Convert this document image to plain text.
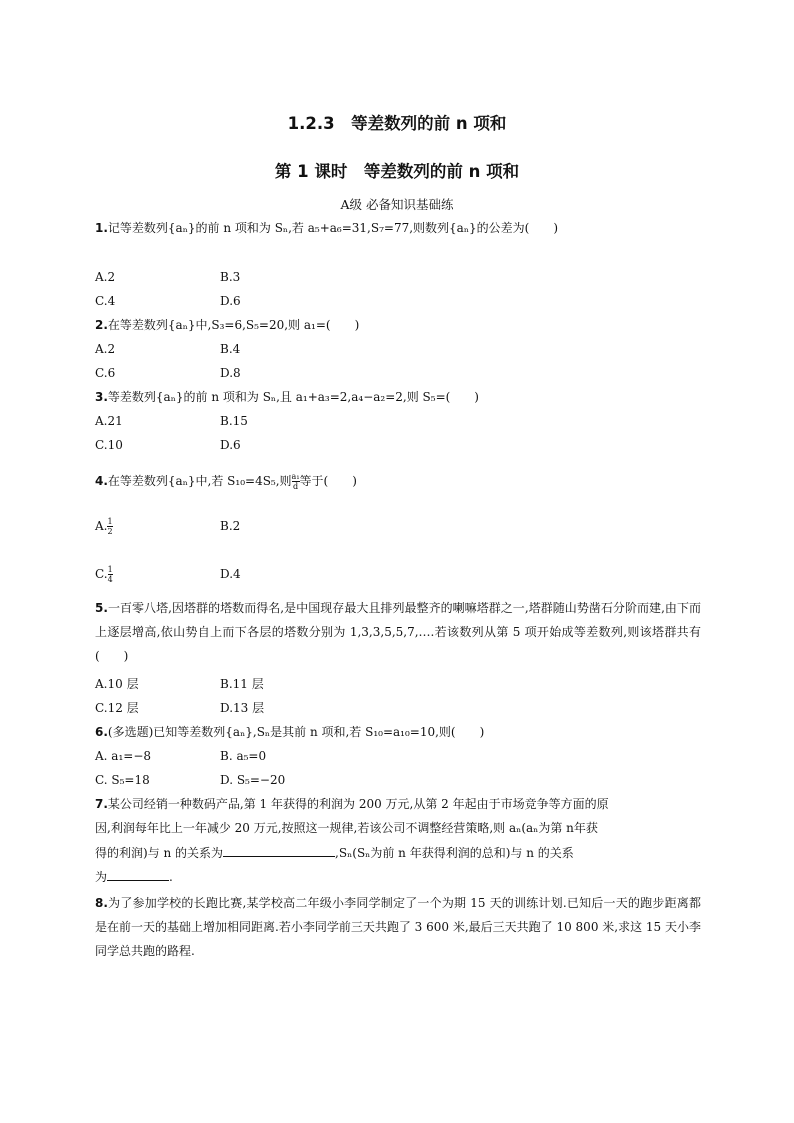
1.2.3　等差数列的前 n 项和
第 1 课时　等差数列的前 n 项和
A级 必备知识基础练
1.记等差数列{aₙ}的前 n 项和为 Sₙ,若 a₅+a₆=31,S₇=77,则数列{aₙ}的公差为(　　)
A.2	B.3
C.4	D.6
2.在等差数列{aₙ}中,S₃=6,S₅=20,则 a₁=(　　)
A.2	B.4
C.6	D.8
3.等差数列{aₙ}的前 n 项和为 Sₙ,且 a₁+a₃=2,a₄−a₂=2,则 S₅=(　　)
A.21	B.15
C.10	D.6
4.在等差数列{aₙ}中,若 S₁₀=4S₅,则 $\frac{\text{a₁}}{d}$ 等于(　　)
A. $\frac{1}{2}$	B.2
C. $\frac{1}{4}$	D.4
5.一百零八塔,因塔群的塔数而得名,是中国现存最大且排列最整齐的喇嘛塔群之一,塔群随山势凿石分阶而建,由下而上逐层增高,依山势自上而下各层的塔数分别为 1,3,3,5,5,7,….若该数列从第 5 项开始成等差数列,则该塔群共有(　　)
A.10 层	B.11 层
C.12 层	D.13 层
6.(多选题)已知等差数列{aₙ},Sₙ是其前 n 项和,若 S₁₀=a₁₀=10,则(　　)
A. a₁=−8	B. a₅=0
C. S₅=18	D. S₅=−20
7.某公司经销一种数码产品,第 1 年获得的利润为 200 万元,从第 2 年起由于市场竞争等方面的原
因,利润每年比上一年减少 20 万元,按照这一规律,若该公司不调整经营策略,则 aₙ(aₙ为第 n年获
得的利润)与 n 的关系为	,Sₙ(Sₙ为前 n 年获得利润的总和)与 n 的关系
为	.
8.为了参加学校的长跑比赛,某学校高二年级小李同学制定了一个为期 15 天的训练计划.已知后一天的跑步距离都是在前一天的基础上增加相同距离.若小李同学前三天共跑了 3 600 米,最后三天共跑了 10 800 米,求这 15 天小李同学总共跑的路程.
